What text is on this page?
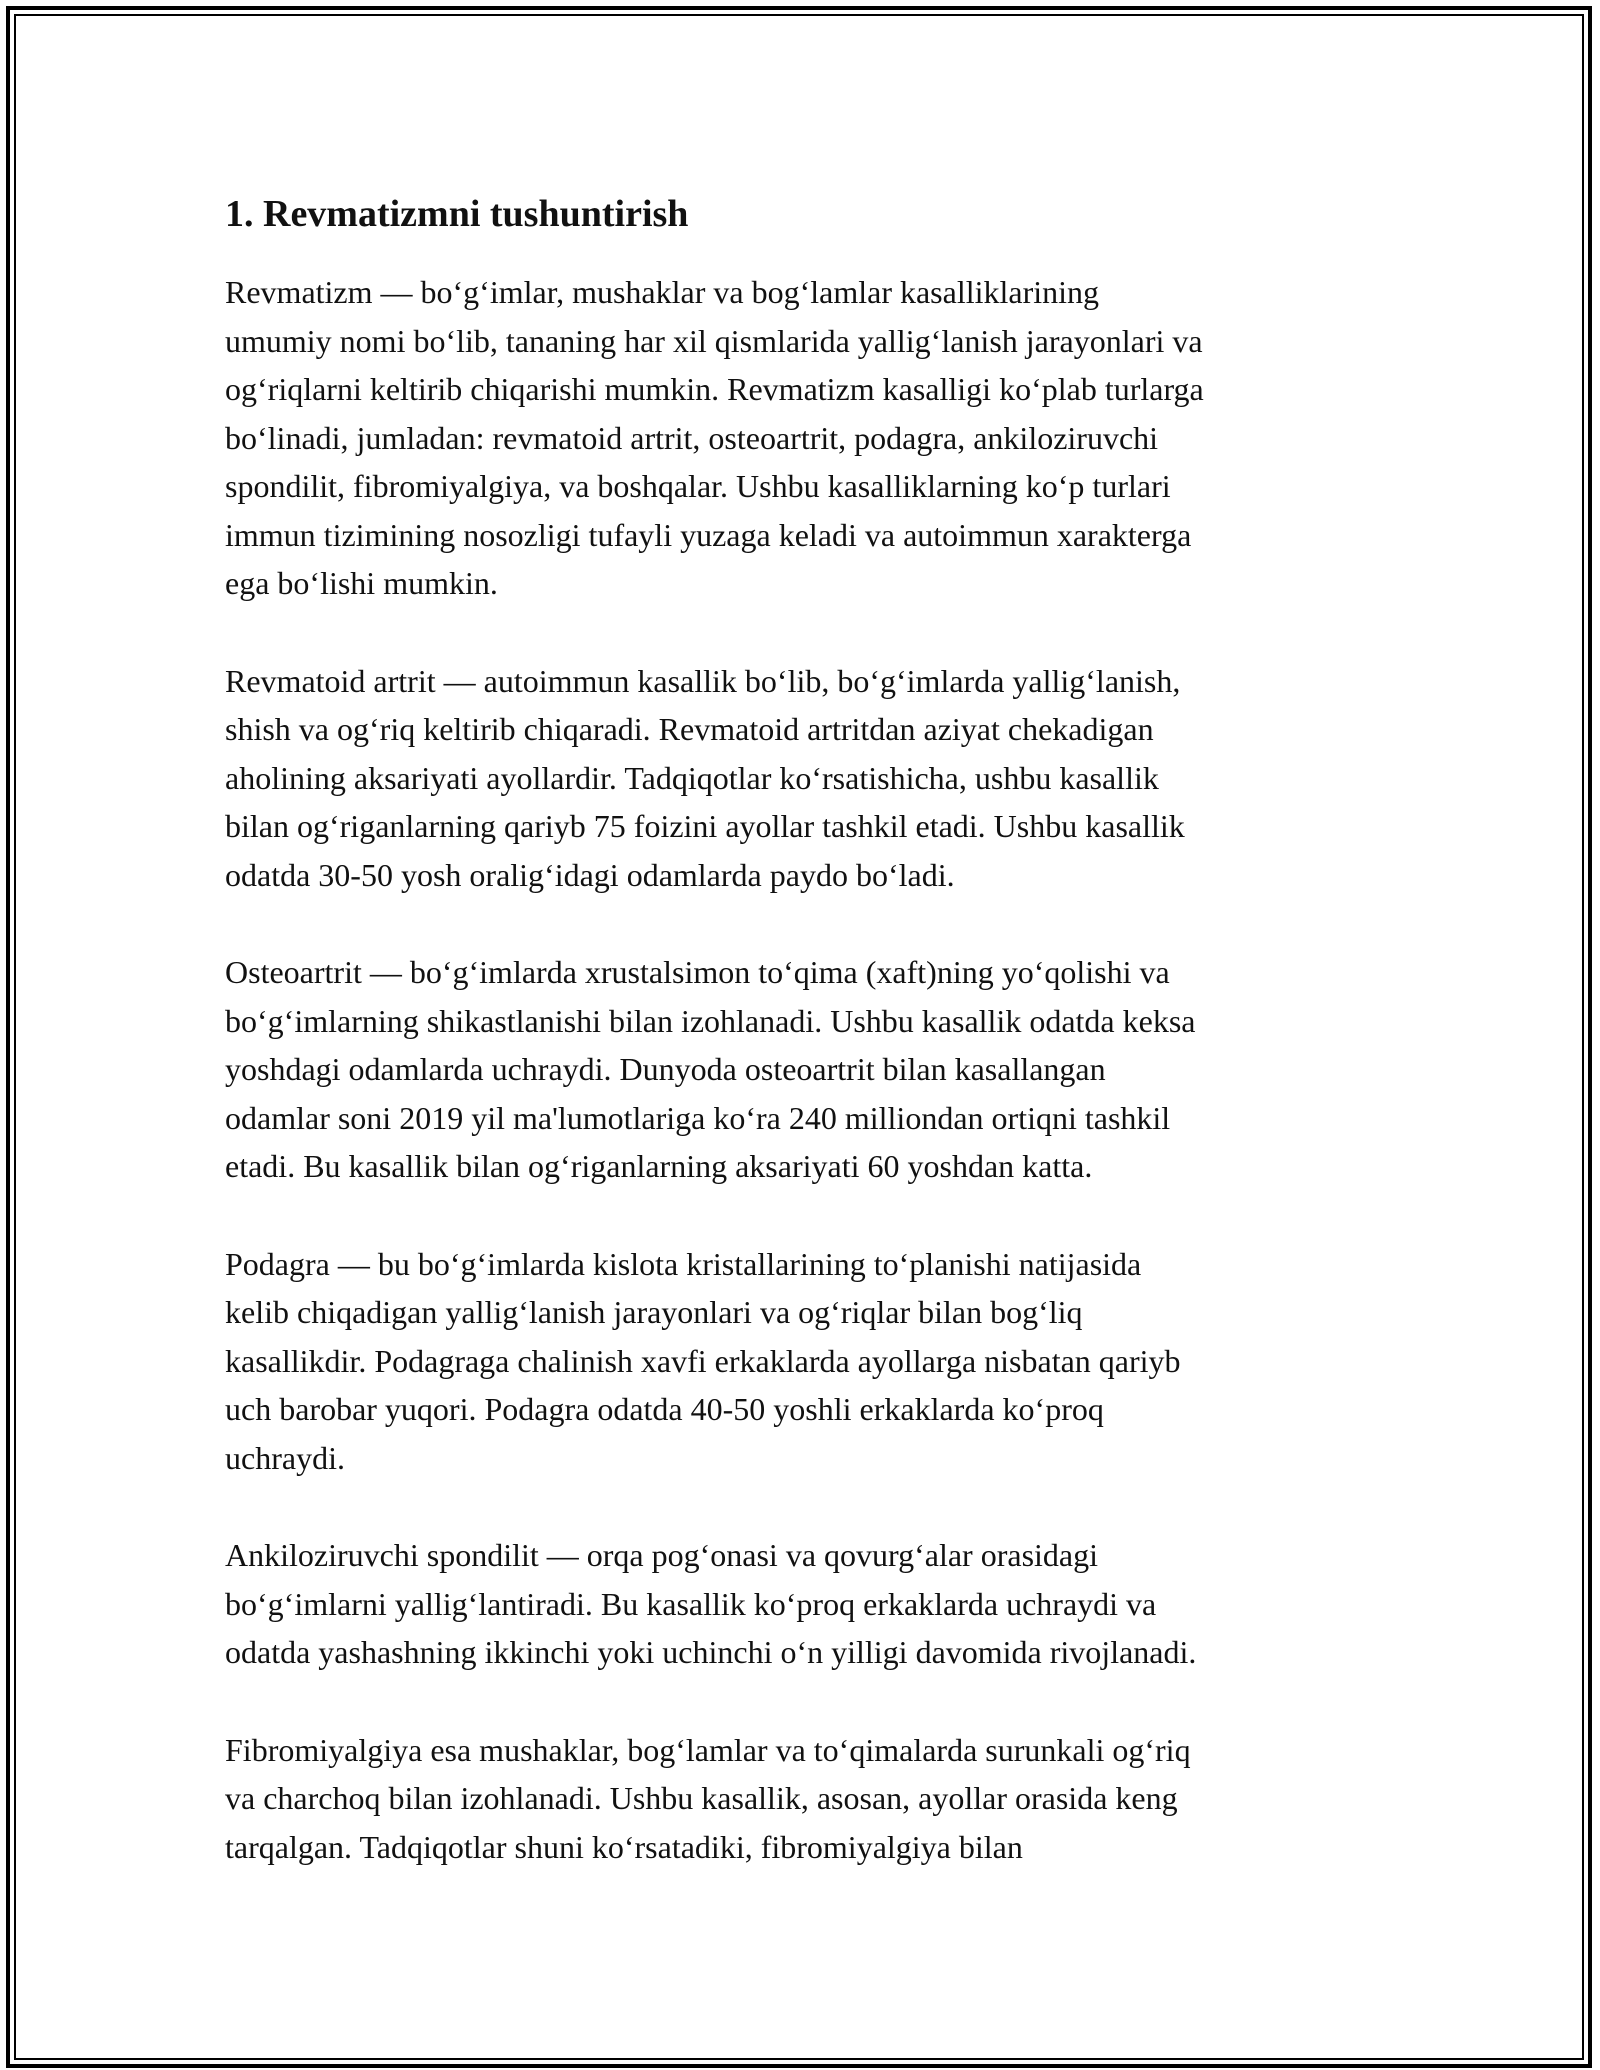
1. Revmatizmni tushuntirish

Revmatizm — bo‘g‘imlar, mushaklar va bog‘lamlar kasalliklarining
umumiy nomi bo‘lib, tananing har xil qismlarida yallig‘lanish jarayonlari va
og‘riqlarni keltirib chiqarishi mumkin. Revmatizm kasalligi ko‘plab turlarga
bo‘linadi, jumladan: revmatoid artrit, osteoartrit, podagra, ankiloziruvchi
spondilit, fibromiyalgiya, va boshqalar. Ushbu kasalliklarning ko‘p turlari
immun tizimining nosozligi tufayli yuzaga keladi va autoimmun xarakterga
ega bo‘lishi mumkin.

Revmatoid artrit — autoimmun kasallik bo‘lib, bo‘g‘imlarda yallig‘lanish,
shish va og‘riq keltirib chiqaradi. Revmatoid artritdan aziyat chekadigan
aholining aksariyati ayollardir. Tadqiqotlar ko‘rsatishicha, ushbu kasallik
bilan og‘riganlarning qariyb 75 foizini ayollar tashkil etadi. Ushbu kasallik
odatda 30-50 yosh oralig‘idagi odamlarda paydo bo‘ladi.

Osteoartrit — bo‘g‘imlarda xrustalsimon to‘qima (xaft)ning yo‘qolishi va
bo‘g‘imlarning shikastlanishi bilan izohlanadi. Ushbu kasallik odatda keksa
yoshdagi odamlarda uchraydi. Dunyoda osteoartrit bilan kasallangan
odamlar soni 2019 yil ma'lumotlariga ko‘ra 240 milliondan ortiqni tashkil
etadi. Bu kasallik bilan og‘riganlarning aksariyati 60 yoshdan katta.

Podagra — bu bo‘g‘imlarda kislota kristallarining to‘planishi natijasida
kelib chiqadigan yallig‘lanish jarayonlari va og‘riqlar bilan bog‘liq
kasallikdir. Podagraga chalinish xavfi erkaklarda ayollarga nisbatan qariyb
uch barobar yuqori. Podagra odatda 40-50 yoshli erkaklarda ko‘proq
uchraydi.

Ankiloziruvchi spondilit — orqa pog‘onasi va qovurg‘alar orasidagi
bo‘g‘imlarni yallig‘lantiradi. Bu kasallik ko‘proq erkaklarda uchraydi va
odatda yashashning ikkinchi yoki uchinchi o‘n yilligi davomida rivojlanadi.

Fibromiyalgiya esa mushaklar, bog‘lamlar va to‘qimalarda surunkali og‘riq
va charchoq bilan izohlanadi. Ushbu kasallik, asosan, ayollar orasida keng
tarqalgan. Tadqiqotlar shuni ko‘rsatadiki, fibromiyalgiya bilan
